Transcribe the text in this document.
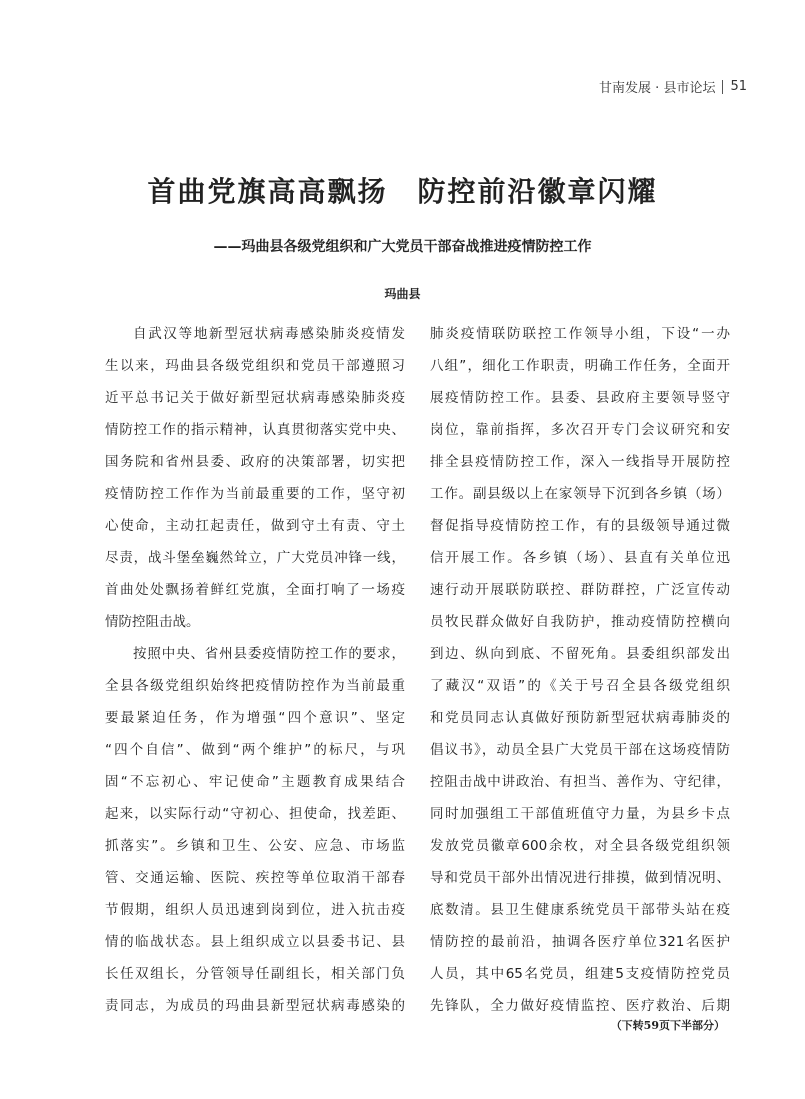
甘南发展 · 县市论坛 51
首曲党旗高高飘扬 防控前沿徽章闪耀
——玛曲县各级党组织和广大党员干部奋战推进疫情防控工作
玛曲县
自武汉等地新型冠状病毒感染肺炎疫情发
生以来，玛曲县各级党组织和党员干部遵照习
近平总书记关于做好新型冠状病毒感染肺炎疫
情防控工作的指示精神，认真贯彻落实党中央、
国务院和省州县委、政府的决策部署，切实把
疫情防控工作作为当前最重要的工作，坚守初
心使命，主动扛起责任，做到守土有责、守土
尽责，战斗堡垒巍然耸立，广大党员冲锋一线，
首曲处处飘扬着鲜红党旗，全面打响了一场疫
情防控阻击战。
按照中央、省州县委疫情防控工作的要求，
全县各级党组织始终把疫情防控作为当前最重
要最紧迫任务，作为增强“四个意识”、坚定
“四个自信”、做到“两个维护”的标尺，与巩
固“不忘初心、牢记使命”主题教育成果结合
起来，以实际行动“守初心、担使命，找差距、
抓落实”。乡镇和卫生、公安、应急、市场监
管、交通运输、医院、疾控等单位取消干部春
节假期，组织人员迅速到岗到位，进入抗击疫
情的临战状态。县上组织成立以县委书记、县
长任双组长，分管领导任副组长，相关部门负
责同志，为成员的玛曲县新型冠状病毒感染的
肺炎疫情联防联控工作领导小组，下设“一办
八组”，细化工作职责，明确工作任务，全面开
展疫情防控工作。县委、县政府主要领导竖守
岗位，靠前指挥，多次召开专门会议研究和安
排全县疫情防控工作，深入一线指导开展防控
工作。副县级以上在家领导下沉到各乡镇（场）
督促指导疫情防控工作，有的县级领导通过微
信开展工作。各乡镇（场）、县直有关单位迅
速行动开展联防联控、群防群控，广泛宣传动
员牧民群众做好自我防护，推动疫情防控横向
到边、纵向到底、不留死角。县委组织部发出
了藏汉“双语”的《关于号召全县各级党组织
和党员同志认真做好预防新型冠状病毒肺炎的
倡议书》，动员全县广大党员干部在这场疫情防
控阻击战中讲政治、有担当、善作为、守纪律，
同时加强组工干部值班值守力量，为县乡卡点
发放党员徽章600余枚，对全县各级党组织领
导和党员干部外出情况进行排摸，做到情况明、
底数清。县卫生健康系统党员干部带头站在疫
情防控的最前沿，抽调各医疗单位321名医护
人员，其中65名党员，组建5支疫情防控党员
先锋队，全力做好疫情监控、医疗救治、后期
（下转59页下半部分）
